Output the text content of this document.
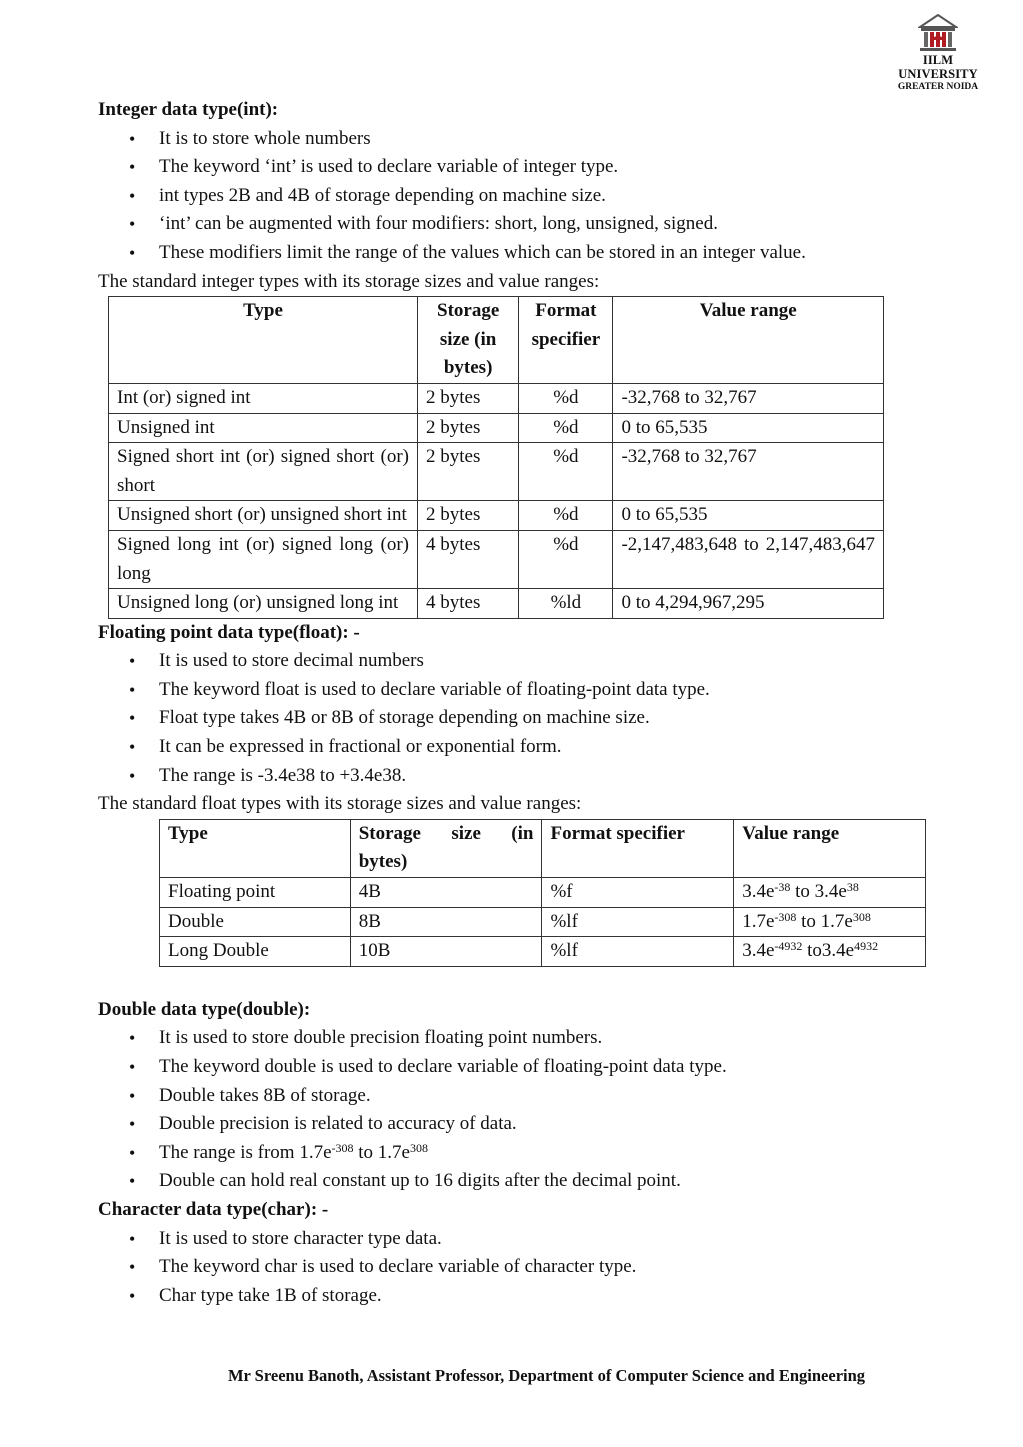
IILM UNIVERSITY
GREATER NOIDA

Integer data type(int):

• It is to store whole numbers
• The keyword ‘int’ is used to declare variable of integer type.
• int types 2B and 4B of storage depending on machine size.
• ‘int’ can be augmented with four modifiers: short, long, unsigned, signed.
• These modifiers limit the range of the values which can be stored in an integer value.

The standard integer types with its storage sizes and value ranges:

Type	Storage size (in bytes)	Format specifier	Value range
Int (or) signed int	2 bytes	%d	-32,768 to 32,767
Unsigned int	2 bytes	%d	0 to 65,535
Signed short int (or) signed short (or) short	2 bytes	%d	-32,768 to 32,767
Unsigned short (or) unsigned short int	2 bytes	%d	0 to 65,535
Signed long int (or) signed long (or) long	4 bytes	%d	-2,147,483,648 to 2,147,483,647
Unsigned long (or) unsigned long int	4 bytes	%ld	0 to 4,294,967,295

Floating point data type(float): -

• It is used to store decimal numbers
• The keyword float is used to declare variable of floating-point data type.
• Float type takes 4B or 8B of storage depending on machine size.
• It can be expressed in fractional or exponential form.
• The range is -3.4e38 to +3.4e38.

The standard float types with its storage sizes and value ranges:

Type	Storage size (in bytes)	Format specifier	Value range
Floating point	4B	%f	$3.4e^{-38}$ to $3.4e^{38}$
Double	8B	%lf	$1.7e^{-308}$ to $1.7e^{308}$
Long Double	10B	%lf	$3.4e^{-4932}$ $to3.4e^{4932}$

Double data type(double):

• It is used to store double precision floating point numbers.
• The keyword double is used to declare variable of floating-point data type.
• Double takes 8B of storage.
• Double precision is related to accuracy of data.
• The range is from $1.7e^{-308}$ to $1.7e^{308}$
• Double can hold real constant up to 16 digits after the decimal point.

Character data type(char): -

• It is used to store character type data.
• The keyword char is used to declare variable of character type.
• Char type take 1B of storage.
Mr Sreenu Banoth, Assistant Professor, Department of Computer Science and Engineering
